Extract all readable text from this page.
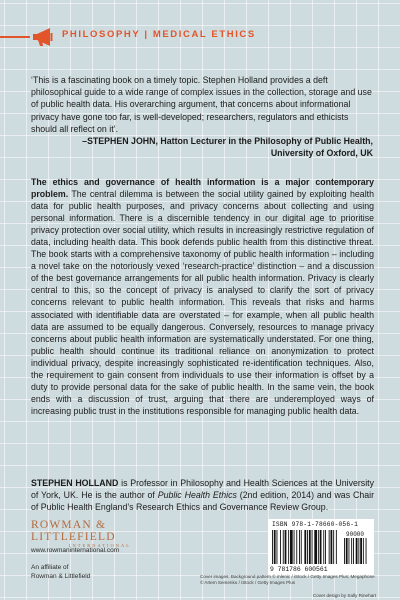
PHILOSOPHY | MEDICAL ETHICS

‘This is a fascinating book on a timely topic. Stephen Holland provides a deft philosophical guide to a wide range of complex issues in the collection, storage and use of public health data. His overarching argument, that concerns about informational privacy have gone too far, is well-developed; researchers, regulators and ethicists should all reflect on it’.

–STEPHEN JOHN, Hatton Lecturer in the Philosophy of Public Health,
University of Oxford, UK
The ethics and governance of health information is a major contemporary problem. The central dilemma is between the social utility gained by exploiting health data for public health purposes, and privacy concerns about collecting and using personal information. There is a discernible tendency in our digital age to prioritise privacy protection over social utility, which results in increasingly restrictive regulation of data, including health data. This book defends public health from this distinctive threat. The book starts with a comprehensive taxonomy of public health information – including a novel take on the notoriously vexed ‘research-practice’ distinction – and a discussion of the best governance arrangements for all public health information. Privacy is clearly central to this, so the concept of privacy is analysed to clarify the sort of privacy concerns relevant to public health information. This reveals that risks and harms associated with identifiable data are overstated – for example, when all public health data are assumed to be equally dangerous. Conversely, resources to manage privacy concerns about public health information are systematically understated. For one thing, public health should continue its traditional reliance on anonymization to protect individual privacy, despite increasingly sophisticated re-identification techniques. Also, the requirement to gain consent from individuals to use their information is offset by a duty to provide personal data for the sake of public health. In the same vein, the book ends with a discussion of trust, arguing that there are underemployed ways of increasing public trust in the institutions responsible for managing public health data.
STEPHEN HOLLAND is Professor in Philosophy and Health Sciences at the University of York, UK. He is the author of Public Health Ethics (2nd edition, 2014) and was Chair of Public Health England’s Research Ethics and Governance Review Group.
ROWMAN &
LITTLEFIELD
INTERNATIONAL
www.rowmaninternational.com
An affiliate of
Rowman & Littlefield
ISBN 978-1-78660-056-1
90000
9 781786 600561
Cover images: Background pattern © mlenic / iStock / Getty Images Plus; Megaphone © Artem Semenko / iStock / Getty Images Plus
Cover design by Sally Rinehart
